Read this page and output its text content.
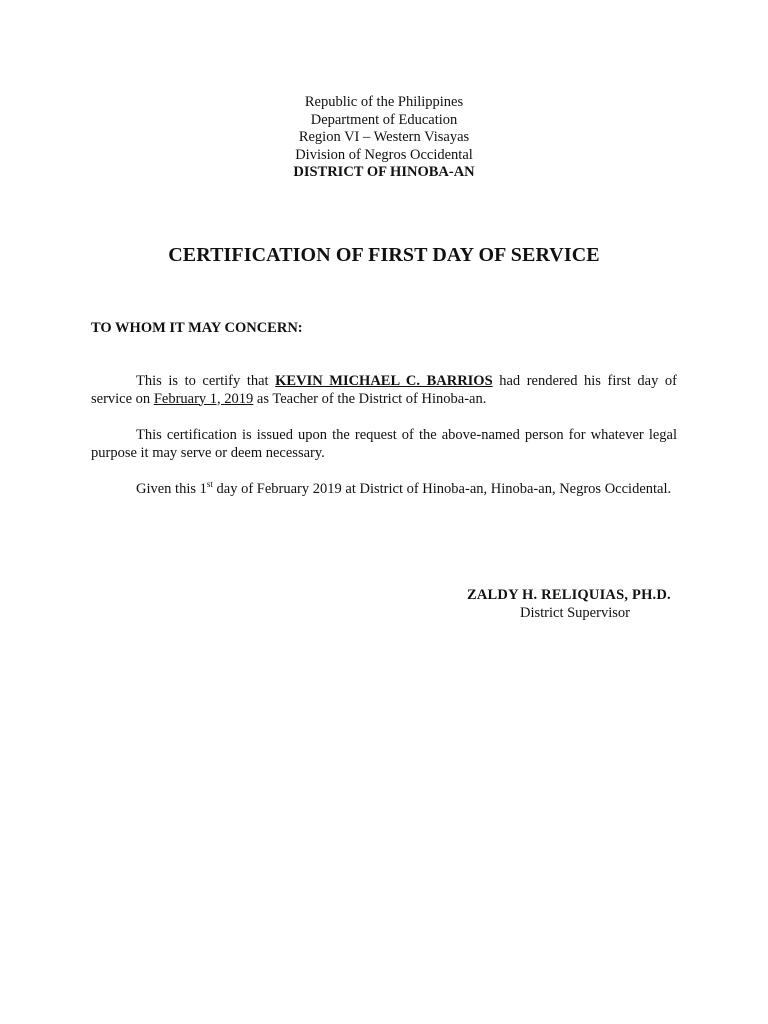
Republic of the Philippines
Department of Education
Region VI – Western Visayas
Division of Negros Occidental
DISTRICT OF HINOBA-AN
CERTIFICATION OF FIRST DAY OF SERVICE
TO WHOM IT MAY CONCERN:
This is to certify that KEVIN MICHAEL C. BARRIOS had rendered his first day of service on February 1, 2019 as Teacher of the District of Hinoba-an.
This certification is issued upon the request of the above-named person for whatever legal purpose it may serve or deem necessary.
Given this 1st day of February 2019 at District of Hinoba-an, Hinoba-an, Negros Occidental.
ZALDY H. RELIQUIAS, PH.D.
District Supervisor
